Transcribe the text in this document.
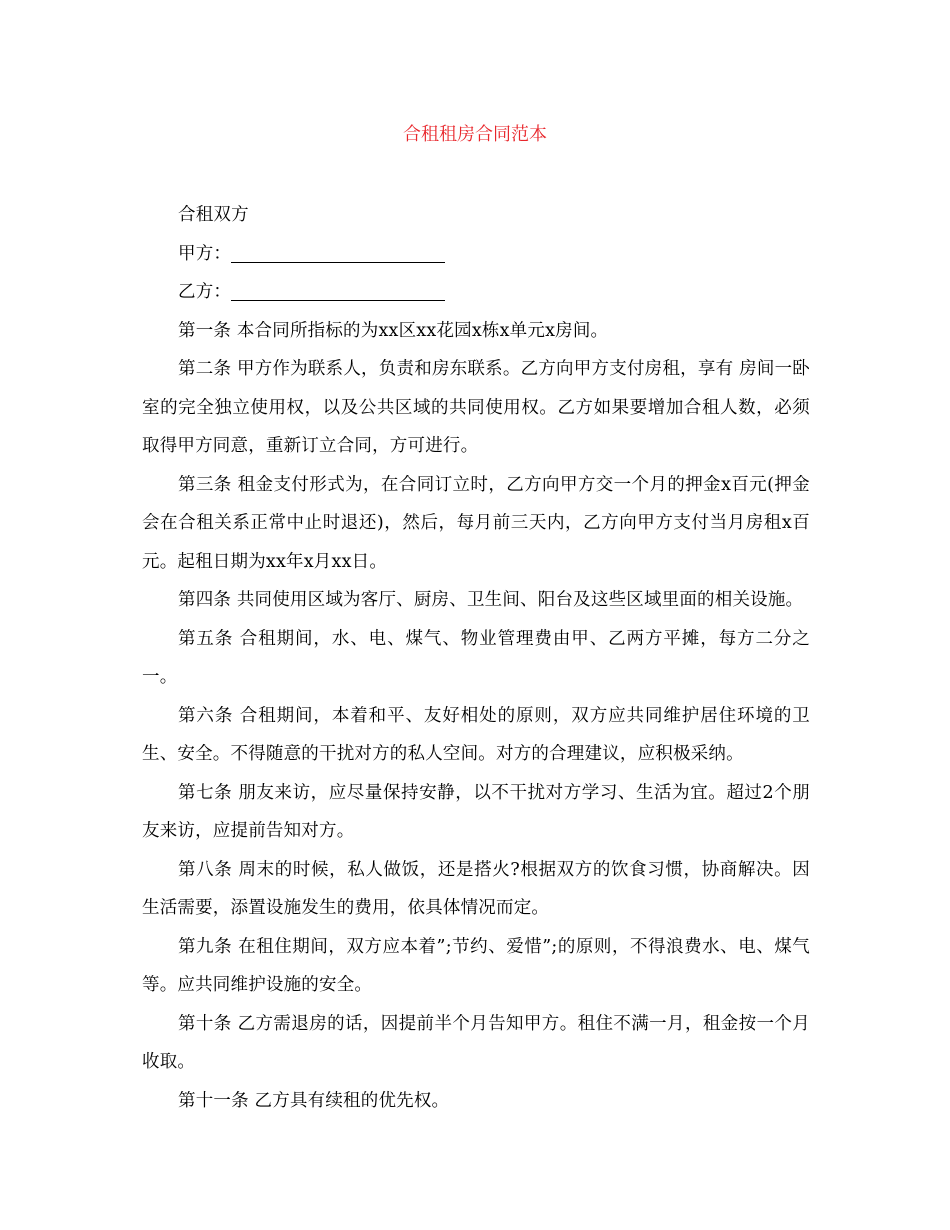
合租租房合同范本

合租双方

甲方：

乙方：

第一条 本合同所指标的为xx区xx花园x栋x单元x房间。

第二条 甲方作为联系人，负责和房东联系。乙方向甲方支付房租，享有 房间一卧室的完全独立使用权，以及公共区域的共同使用权。乙方如果要增加合租人数，必须取得甲方同意，重新订立合同，方可进行。

第三条 租金支付形式为，在合同订立时，乙方向甲方交一个月的押金x百元(押金会在合租关系正常中止时退还)，然后，每月前三天内，乙方向甲方支付当月房租x百元。起租日期为xx年x月xx日。

第四条 共同使用区域为客厅、厨房、卫生间、阳台及这些区域里面的相关设施。

第五条 合租期间，水、电、煤气、物业管理费由甲、乙两方平摊，每方二分之一。

第六条 合租期间，本着和平、友好相处的原则，双方应共同维护居住环境的卫生、安全。不得随意的干扰对方的私人空间。对方的合理建议，应积极采纳。

第七条 朋友来访，应尽量保持安静，以不干扰对方学习、生活为宜。超过2个朋友来访，应提前告知对方。

第八条 周末的时候，私人做饭，还是搭火?根据双方的饮食习惯，协商解决。因生活需要，添置设施发生的费用，依具体情况而定。

第九条 在租住期间，双方应本着”;节约、爱惜”;的原则，不得浪费水、电、煤气等。应共同维护设施的安全。

第十条 乙方需退房的话，因提前半个月告知甲方。租住不满一月，租金按一个月收取。

第十一条 乙方具有续租的优先权。
